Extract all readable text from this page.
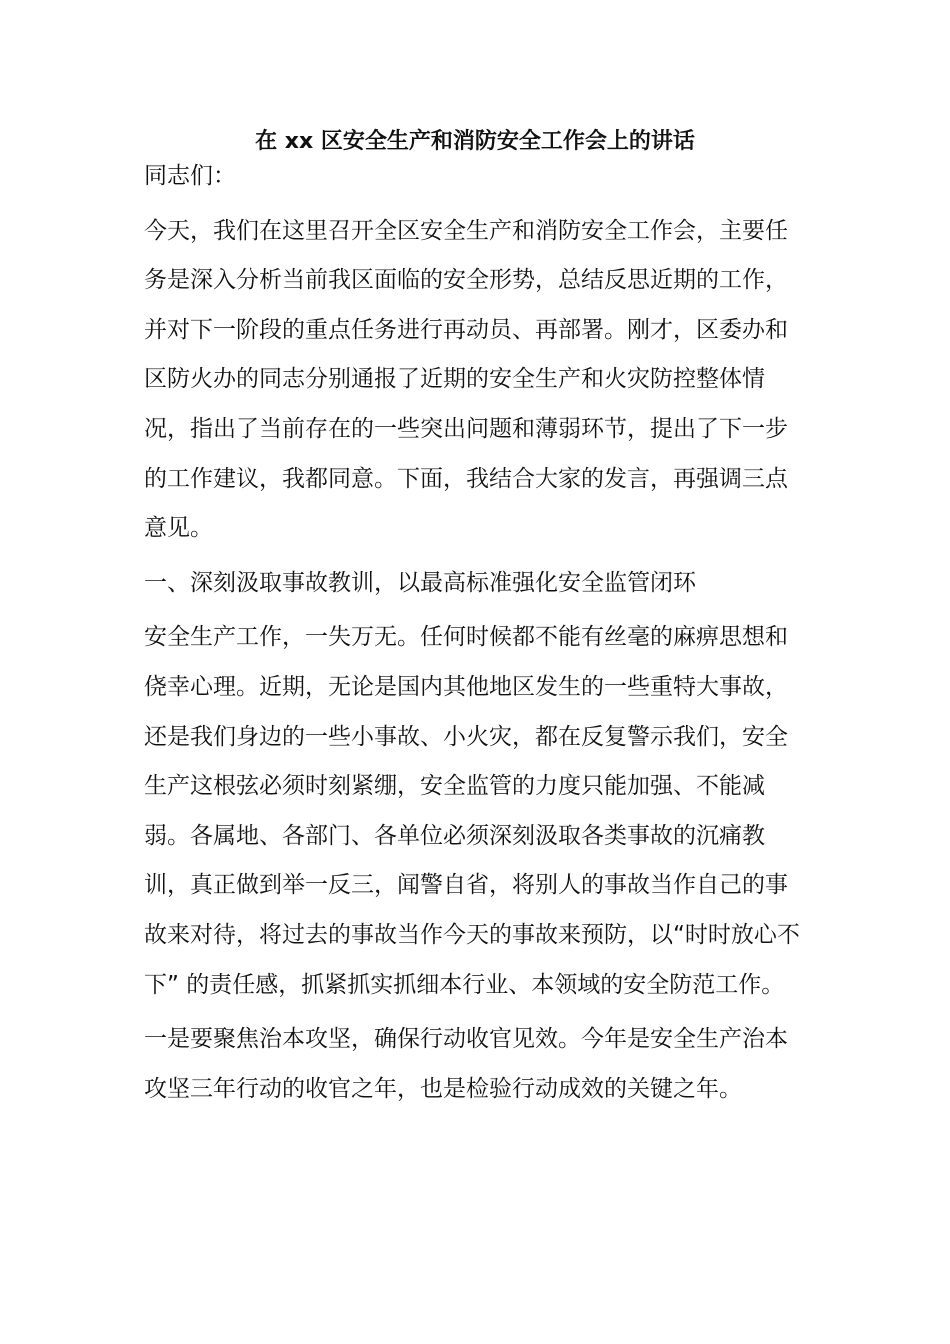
在 xx 区安全生产和消防安全工作会上的讲话

同志们：

今天，我们在这里召开全区安全生产和消防安全工作会，主要任务是深入分析当前我区面临的安全形势，总结反思近期的工作，并对下一阶段的重点任务进行再动员、再部署。刚才，区委办和区防火办的同志分别通报了近期的安全生产和火灾防控整体情况，指出了当前存在的一些突出问题和薄弱环节，提出了下一步的工作建议，我都同意。下面，我结合大家的发言，再强调三点意见。

一、深刻汲取事故教训，以最高标准强化安全监管闭环

安全生产工作，一失万无。任何时候都不能有丝毫的麻痹思想和侥幸心理。近期，无论是国内其他地区发生的一些重特大事故，还是我们身边的一些小事故、小火灾，都在反复警示我们，安全生产这根弦必须时刻紧绷，安全监管的力度只能加强、不能减弱。各属地、各部门、各单位必须深刻汲取各类事故的沉痛教训，真正做到举一反三，闻警自省，将别人的事故当作自己的事故来对待，将过去的事故当作今天的事故来预防，以“时时放心不下” 的责任感，抓紧抓实抓细本行业、本领域的安全防范工作。

一是要聚焦治本攻坚，确保行动收官见效。今年是安全生产治本攻坚三年行动的收官之年，也是检验行动成效的关键之年。
